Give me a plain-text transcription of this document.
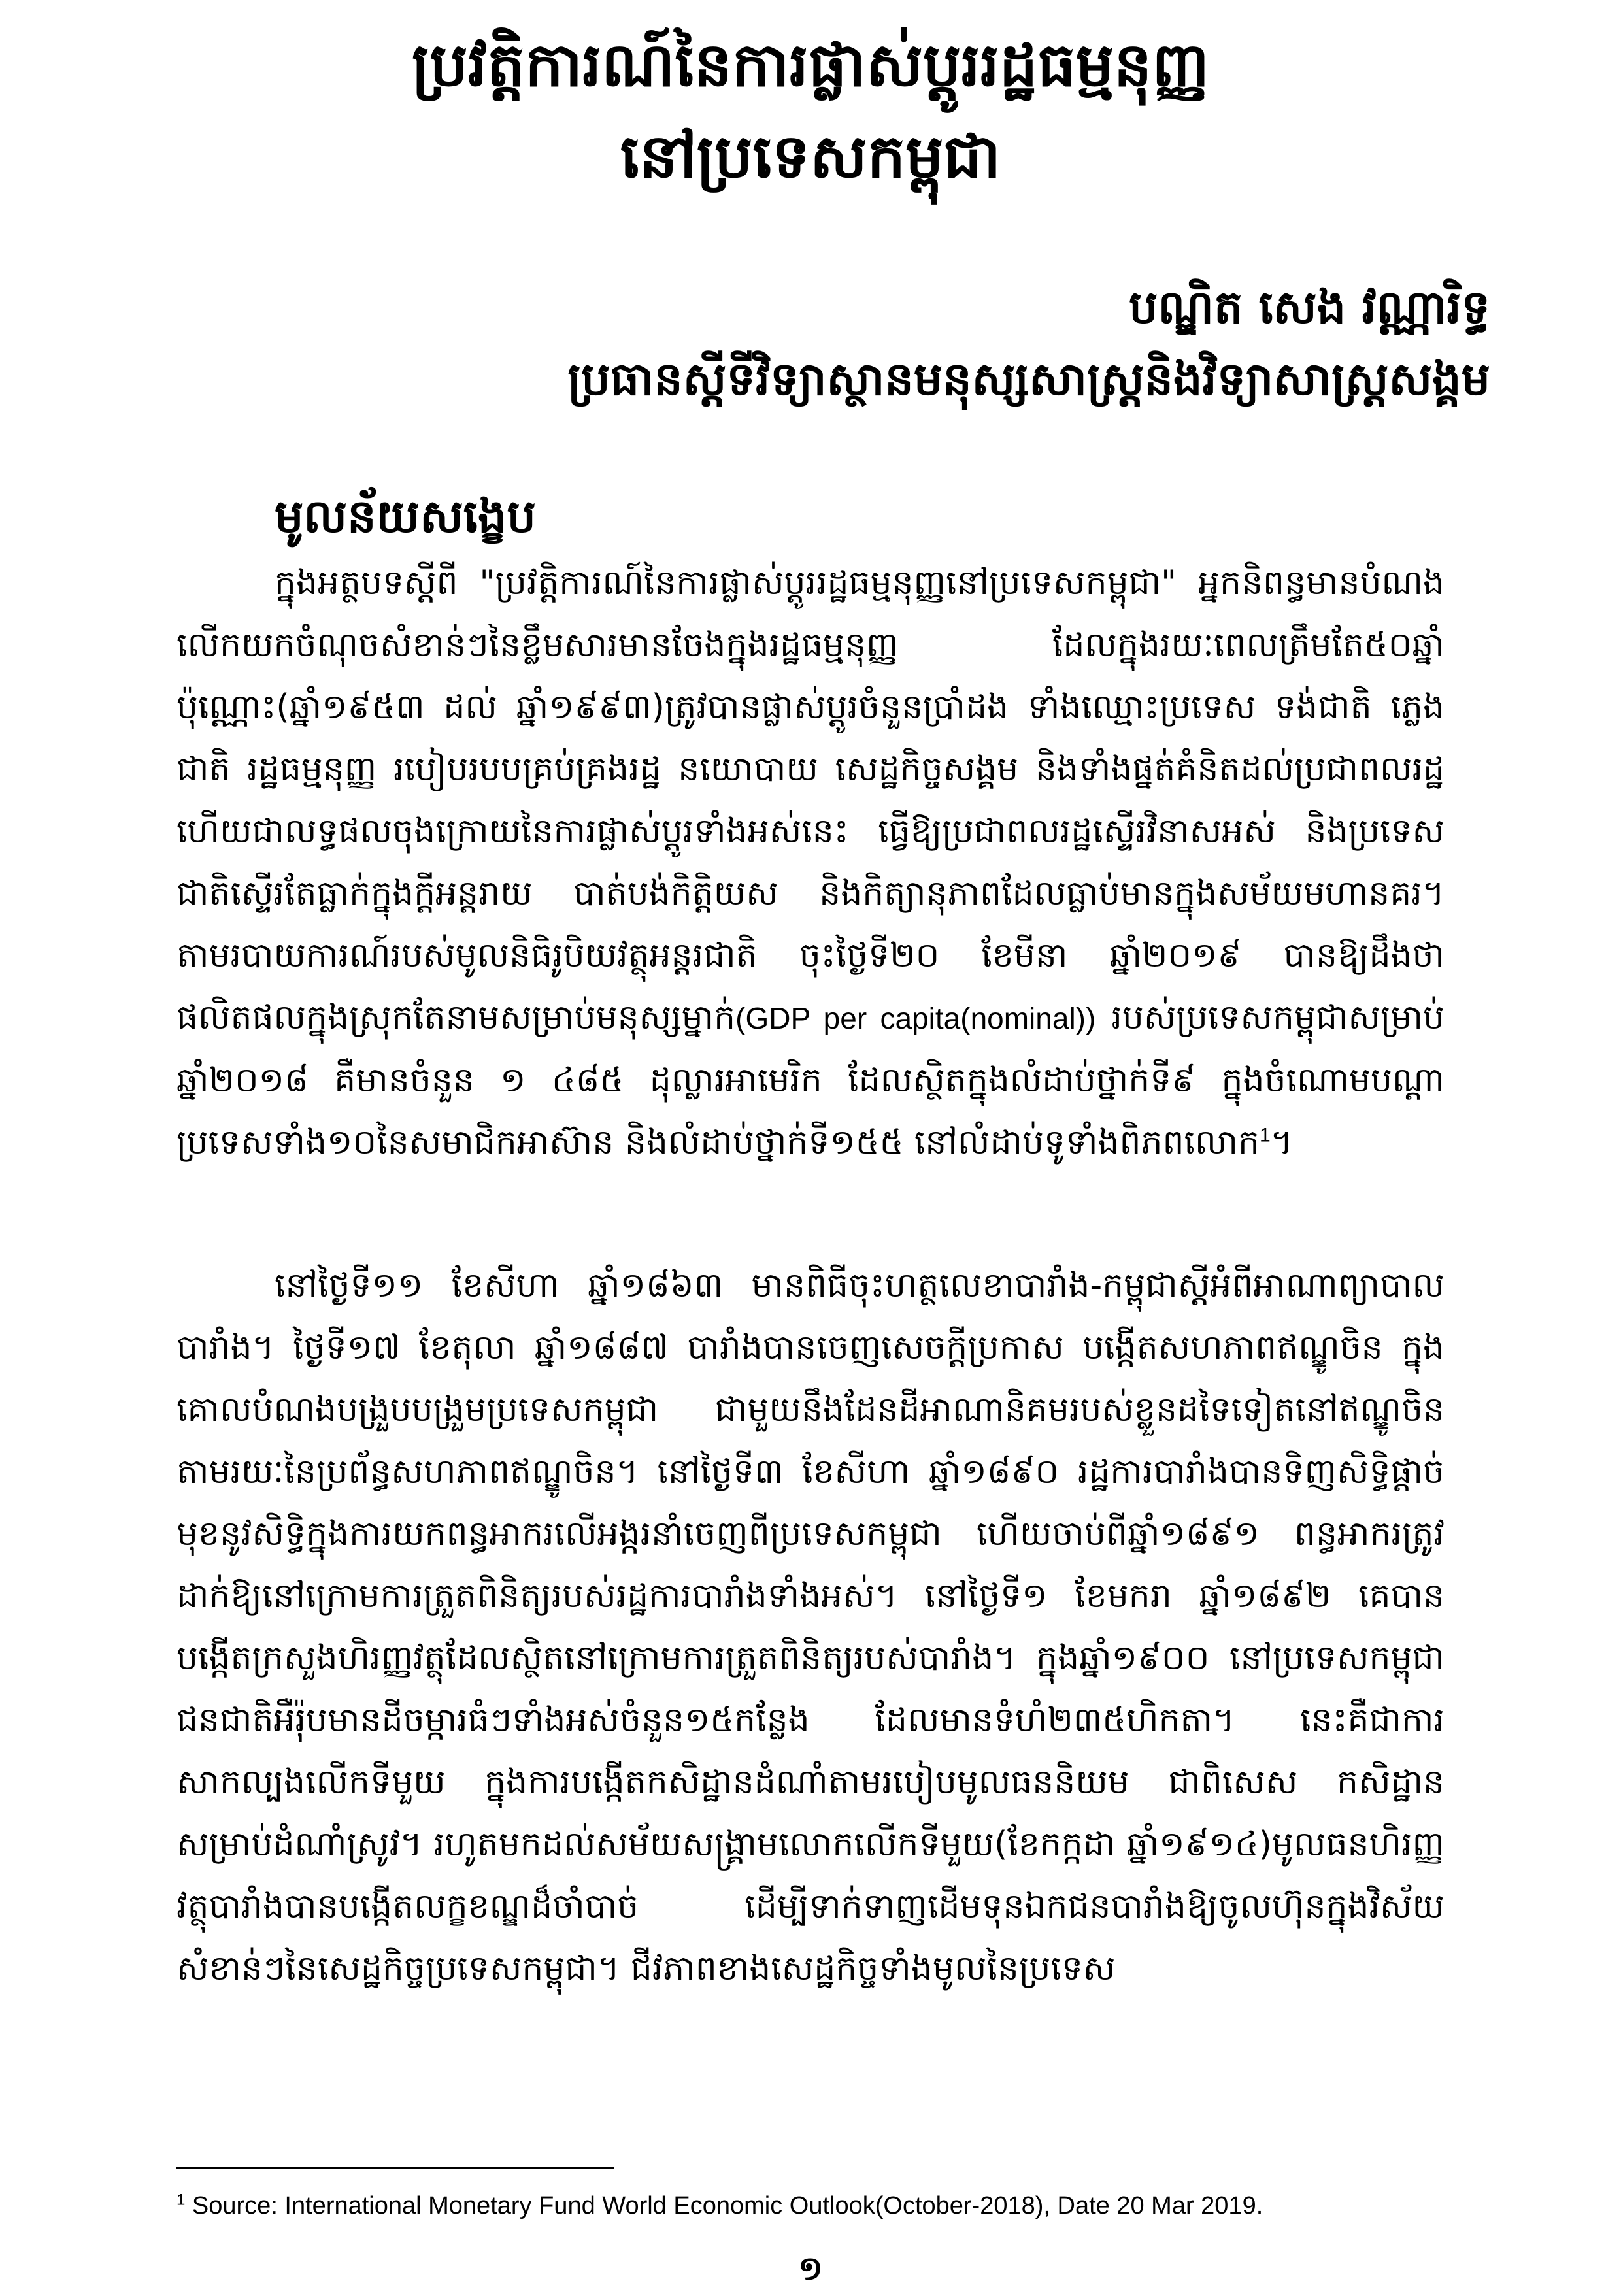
ប្រវត្តិការណ៍នៃការផ្លាស់ប្តូររដ្ឋធម្មនុញ្ញ
នៅប្រទេសកម្ពុជា
បណ្ឌិត សេង វណ្ណារិទ្ធ
ប្រធានស្តីទីវិទ្យាស្ថានមនុស្សសាស្ត្រនិងវិទ្យាសាស្ត្រសង្គម
មូលន័យសង្ខេប

ក្នុងអត្ថបទស្តីពី "ប្រវត្តិការណ៍នៃការផ្លាស់ប្តូររដ្ឋធម្មនុញ្ញនៅប្រទេសកម្ពុជា" អ្នកនិពន្ធមានបំណងលើកយកចំណុចសំខាន់ៗនៃខ្លឹមសារមានចែងក្នុងរដ្ឋធម្មនុញ្ញ ដែលក្នុងរយៈពេលត្រឹមតែ៥០ឆ្នាំប៉ុណ្ណោះ(ឆ្នាំ១៩៥៣ ដល់ ឆ្នាំ១៩៩៣)ត្រូវបានផ្លាស់ប្តូរចំនួនប្រាំដង ទាំងឈ្មោះប្រទេស ទង់ជាតិ ភ្លេងជាតិ រដ្ឋធម្មនុញ្ញ របៀបរបបគ្រប់គ្រងរដ្ឋ នយោបាយ សេដ្ឋកិច្ចសង្គម និងទាំងផ្នត់គំនិតដល់ប្រជាពលរដ្ឋ ហើយជាលទ្ធផលចុងក្រោយនៃការផ្លាស់ប្តូរទាំងអស់នេះ ធ្វើឱ្យប្រជាពលរដ្ឋស្ទើរវិនាសអស់ និងប្រទេសជាតិស្ទើរតែធ្លាក់ក្នុងក្តីអន្តរាយ បាត់បង់កិត្តិយស និងកិត្យានុភាពដែលធ្លាប់មានក្នុងសម័យមហានគរ។ តាមរបាយការណ៍របស់មូលនិធិរូបិយវត្ថុអន្តរជាតិ ចុះថ្ងៃទី២០ ខែមីនា ឆ្នាំ២០១៩ បានឱ្យដឹងថា ផលិតផលក្នុងស្រុកតែនាមសម្រាប់មនុស្សម្នាក់(GDP per capita(nominal)) របស់ប្រទេសកម្ពុជាសម្រាប់ឆ្នាំ២០១៨ គឺមានចំនួន ១ ៤៨៥ ដុល្លារអាមេរិក ដែលស្ថិតក្នុងលំដាប់ថ្នាក់ទី៩ ក្នុងចំណោមបណ្តាប្រទេសទាំង១០នៃសមាជិកអាស៊ាន និងលំដាប់ថ្នាក់ទី១៥៥ នៅលំដាប់ទូទាំងពិភពលោក$^1$។

នៅថ្ងៃទី១១ ខែសីហា ឆ្នាំ១៨៦៣ មានពិធីចុះហត្ថលេខាបារាំង-កម្ពុជាស្តីអំពីអាណាព្យាបាលបារាំង។ ថ្ងៃទី១៧ ខែតុលា ឆ្នាំ១៨៨៧ បារាំងបានចេញសេចក្តីប្រកាស បង្កើតសហភាពឥណ្ឌូចិន ក្នុងគោលបំណងបង្រួបបង្រួមប្រទេសកម្ពុជា ជាមួយនឹងដែនដីអាណានិគមរបស់ខ្លួនដទៃទៀតនៅឥណ្ឌូចិន តាមរយៈនៃប្រព័ន្ធសហភាពឥណ្ឌូចិន។ នៅថ្ងៃទី៣ ខែសីហា ឆ្នាំ១៨៩០ រដ្ឋការបារាំងបានទិញសិទ្ធិផ្តាច់មុខនូវសិទ្ធិក្នុងការយកពន្ធអាករលើអង្ករនាំចេញពីប្រទេសកម្ពុជា ហើយចាប់ពីឆ្នាំ១៨៩១ ពន្ធអាករត្រូវដាក់ឱ្យនៅក្រោមការត្រួតពិនិត្យរបស់រដ្ឋការបារាំងទាំងអស់។ នៅថ្ងៃទី១ ខែមករា ឆ្នាំ១៨៩២ គេបានបង្កើតក្រសួងហិរញ្ញវត្ថុដែលស្ថិតនៅក្រោមការត្រួតពិនិត្យរបស់បារាំង។ ក្នុងឆ្នាំ១៩០០ នៅប្រទេសកម្ពុជា ជនជាតិអឺរ៉ុបមានដីចម្ការធំៗទាំងអស់ចំនួន១៥កន្លែង ដែលមានទំហំ២៣៥ហិកតា។ នេះគឺជាការសាកល្បងលើកទីមួយ ក្នុងការបង្កើតកសិដ្ឋានដំណាំតាមរបៀបមូលធននិយម ជាពិសេស កសិដ្ឋានសម្រាប់ដំណាំស្រូវ។ រហូតមកដល់សម័យសង្គ្រាមលោកលើកទីមួយ(ខែកក្កដា ឆ្នាំ១៩១៤)មូលធនហិរញ្ញវត្ថុបារាំងបានបង្កើតលក្ខខណ្ឌដ៏ចាំបាច់ ដើម្បីទាក់ទាញដើមទុនឯកជនបារាំងឱ្យចូលហ៊ុនក្នុងវិស័យសំខាន់ៗនៃសេដ្ឋកិច្ចប្រទេសកម្ពុជា។ ជីវភាពខាងសេដ្ឋកិច្ចទាំងមូលនៃប្រទេស

$^1$ Source: International Monetary Fund World Economic Outlook(October-2018), Date 20 Mar 2019.
១
